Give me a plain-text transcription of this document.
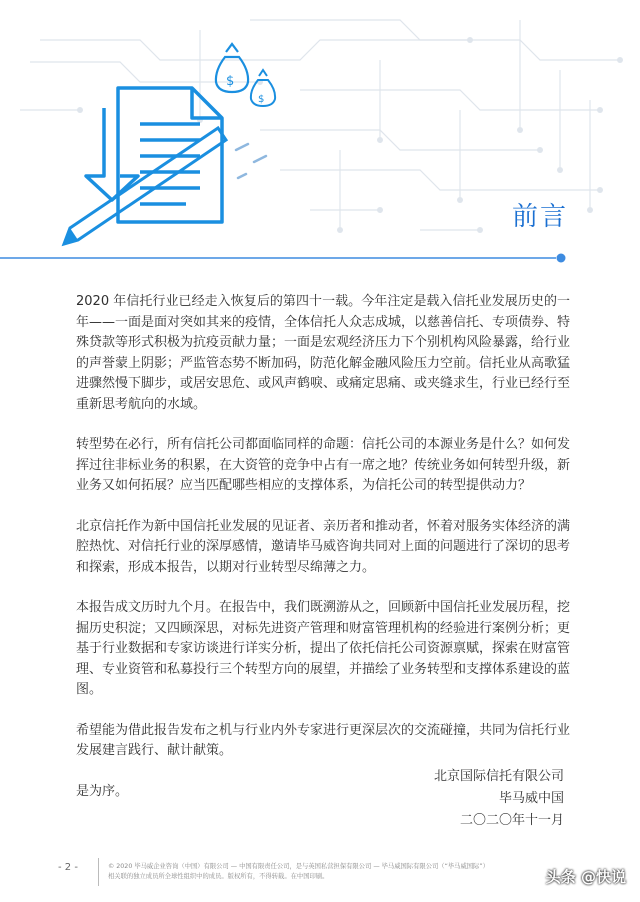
$
$
前言

2020 年信托行业已经走入恢复后的第四十一载。今年注定是载入信托业发展历史的一年——一面是面对突如其来的疫情，全体信托人众志成城，以慈善信托、专项债券、特殊贷款等形式积极为抗疫贡献力量；一面是宏观经济压力下个别机构风险暴露，给行业的声誉蒙上阴影；严监管态势不断加码，防范化解金融风险压力空前。信托业从高歌猛进骤然慢下脚步，或居安思危、或风声鹤唳、或痛定思痛、或夹缝求生，行业已经行至重新思考航向的水域。

转型势在必行，所有信托公司都面临同样的命题：信托公司的本源业务是什么？如何发挥过往非标业务的积累，在大资管的竞争中占有一席之地？传统业务如何转型升级，新业务又如何拓展？应当匹配哪些相应的支撑体系，为信托公司的转型提供动力？

北京信托作为新中国信托业发展的见证者、亲历者和推动者，怀着对服务实体经济的满腔热忱、对信托行业的深厚感情，邀请毕马威咨询共同对上面的问题进行了深切的思考和探索，形成本报告，以期对行业转型尽绵薄之力。

本报告成文历时九个月。在报告中，我们既溯游从之，回顾新中国信托业发展历程，挖掘历史积淀；又四顾深思，对标先进资产管理和财富管理机构的经验进行案例分析；更基于行业数据和专家访谈进行详实分析，提出了依托信托公司资源禀赋，探索在财富管理、专业资管和私募投行三个转型方向的展望，并描绘了业务转型和支撑体系建设的蓝图。

希望能为借此报告发布之机与行业内外专家进行更深层次的交流碰撞，共同为信托行业发展建言践行、献计献策。

是为序。

北京国际信托有限公司
毕马威中国
二〇二〇年十一月
- 2 -	© 2020 毕马威企业咨询（中国）有限公司 — 中国有限责任公司，是与英国私营担保有限公司 — 毕马威国际有限公司（“毕马威国际”）
相关联的独立成员所全球性组织中的成员。版权所有，不得转载。在中国印刷。	头条 @快说
